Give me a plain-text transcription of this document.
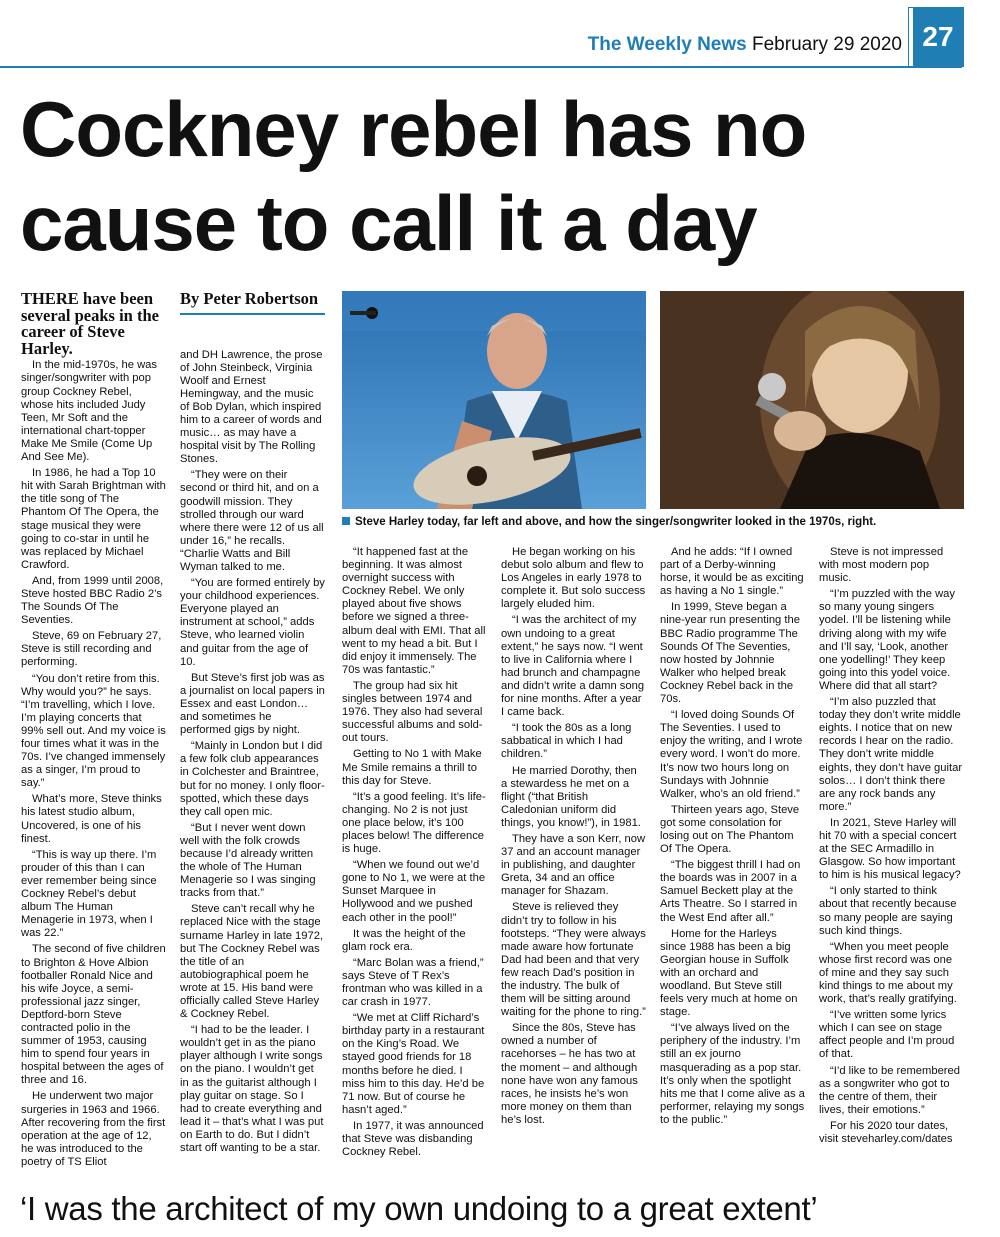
The Weekly News February 29 2020 27
Cockney rebel has no cause to call it a day
THERE have been several peaks in the career of Steve Harley.

In the mid-1970s, he was singer/songwriter with pop group Cockney Rebel, whose hits included Judy Teen, Mr Soft and the international chart-topper Make Me Smile (Come Up And See Me).

In 1986, he had a Top 10 hit with Sarah Brightman with the title song of The Phantom Of The Opera, the stage musical they were going to co-star in until he was replaced by Michael Crawford.

And, from 1999 until 2008, Steve hosted BBC Radio 2’s The Sounds Of The Seventies.

Steve, 69 on February 27, Steve is still recording and performing.

“You don’t retire from this. Why would you?” he says. “I’m travelling, which I love. I’m playing concerts that 99% sell out. And my voice is four times what it was in the 70s. I’ve changed immensely as a singer, I’m proud to say.”

What’s more, Steve thinks his latest studio album, Uncovered, is one of his finest.

“This is way up there. I’m prouder of this than I can ever remember being since Cockney Rebel’s debut album The Human Menagerie in 1973, when I was 22.”

The second of five children to Brighton & Hove Albion footballer Ronald Nice and his wife Joyce, a semi-professional jazz singer, Deptford-born Steve contracted polio in the summer of 1953, causing him to spend four years in hospital between the ages of three and 16.

He underwent two major surgeries in 1963 and 1966. After recovering from the first operation at the age of 12, he was introduced to the poetry of TS Eliot

By Peter Robertson

and DH Lawrence, the prose of John Steinbeck, Virginia Woolf and Ernest Hemingway, and the music of Bob Dylan, which inspired him to a career of words and music… as may have a hospital visit by The Rolling Stones.

“They were on their second or third hit, and on a goodwill mission. They strolled through our ward where there were 12 of us all under 16,” he recalls. “Charlie Watts and Bill Wyman talked to me.

“You are formed entirely by your childhood experiences. Everyone played an instrument at school,” adds Steve, who learned violin and guitar from the age of 10.

But Steve’s first job was as a journalist on local papers in Essex and east London… and sometimes he performed gigs by night.

“Mainly in London but I did a few folk club appearances in Colchester and Braintree, but for no money. I only floor-spotted, which these days they call open mic.

“But I never went down well with the folk crowds because I’d already written the whole of The Human Menagerie so I was singing tracks from that.”

Steve can’t recall why he replaced Nice with the stage surname Harley in late 1972, but The Cockney Rebel was the title of an autobiographical poem he wrote at 15. His band were officially called Steve Harley & Cockney Rebel.

“I had to be the leader. I wouldn’t get in as the piano player although I write songs on the piano. I wouldn’t get in as the guitarist although I play guitar on stage. So I had to create everything and lead it – that’s what I was put on Earth to do. But I didn’t start off wanting to be a star.

Steve Harley today, far left and above, and how the singer/songwriter looked in the 1970s, right.

“It happened fast at the beginning. It was almost overnight success with Cockney Rebel. We only played about five shows before we signed a three-album deal with EMI. That all went to my head a bit. But I did enjoy it immensely. The 70s was fantastic.”

The group had six hit singles between 1974 and 1976. They also had several successful albums and sold-out tours.

Getting to No 1 with Make Me Smile remains a thrill to this day for Steve.

“It’s a good feeling. It’s life-changing. No 2 is not just one place below, it’s 100 places below! The difference is huge.

“When we found out we’d gone to No 1, we were at the Sunset Marquee in Hollywood and we pushed each other in the pool!”

It was the height of the glam rock era.

“Marc Bolan was a friend,” says Steve of T Rex’s frontman who was killed in a car crash in 1977.

“We met at Cliff Richard’s birthday party in a restaurant on the King’s Road. We stayed good friends for 18 months before he died. I miss him to this day. He’d be 71 now. But of course he hasn’t aged.”

In 1977, it was announced that Steve was disbanding Cockney Rebel.

He began working on his debut solo album and flew to Los Angeles in early 1978 to complete it. But solo success largely eluded him.

“I was the architect of my own undoing to a great extent,” he says now. “I went to live in California where I had brunch and champagne and didn’t write a damn song for nine months. After a year I came back.

“I took the 80s as a long sabbatical in which I had children.”

He married Dorothy, then a stewardess he met on a flight (“that British Caledonian uniform did things, you know!”), in 1981.

They have a son Kerr, now 37 and an account manager in publishing, and daughter Greta, 34 and an office manager for Shazam.

Steve is relieved they didn’t try to follow in his footsteps. “They were always made aware how fortunate Dad had been and that very few reach Dad’s position in the industry. The bulk of them will be sitting around waiting for the phone to ring.”

Since the 80s, Steve has owned a number of racehorses – he has two at the moment – and although none have won any famous races, he insists he’s won more money on them than he’s lost.

And he adds: “If I owned part of a Derby-winning horse, it would be as exciting as having a No 1 single.”

In 1999, Steve began a nine-year run presenting the BBC Radio programme The Sounds Of The Seventies, now hosted by Johnnie Walker who helped break Cockney Rebel back in the 70s.

“I loved doing Sounds Of The Seventies. I used to enjoy the writing, and I wrote every word. I won’t do more. It’s now two hours long on Sundays with Johnnie Walker, who’s an old friend.”

Thirteen years ago, Steve got some consolation for losing out on The Phantom Of The Opera.

“The biggest thrill I had on the boards was in 2007 in a Samuel Beckett play at the Arts Theatre. So I starred in the West End after all.”

Home for the Harleys since 1988 has been a big Georgian house in Suffolk with an orchard and woodland. But Steve still feels very much at home on stage.

“I’ve always lived on the periphery of the industry. I’m still an ex journo masquerading as a pop star. It’s only when the spotlight hits me that I come alive as a performer, relaying my songs to the public.”

Steve is not impressed with most modern pop music.

“I’m puzzled with the way so many young singers yodel. I’ll be listening while driving along with my wife and I’ll say, ‘Look, another one yodelling!’ They keep going into this yodel voice. Where did that all start?

“I’m also puzzled that today they don’t write middle eights. I notice that on new records I hear on the radio. They don’t write middle eights, they don’t have guitar solos… I don’t think there are any rock bands any more.”

In 2021, Steve Harley will hit 70 with a special concert at the SEC Armadillo in Glasgow. So how important to him is his musical legacy?

“I only started to think about that recently because so many people are saying such kind things.

“When you meet people whose first record was one of mine and they say such kind things to me about my work, that’s really gratifying.

“I’ve written some lyrics which I can see on stage affect people and I’m proud of that.

“I’d like to be remembered as a songwriter who got to the centre of them, their lives, their emotions.”

For his 2020 tour dates, visit steveharley.com/dates

‘I was the architect of my own undoing to a great extent’
